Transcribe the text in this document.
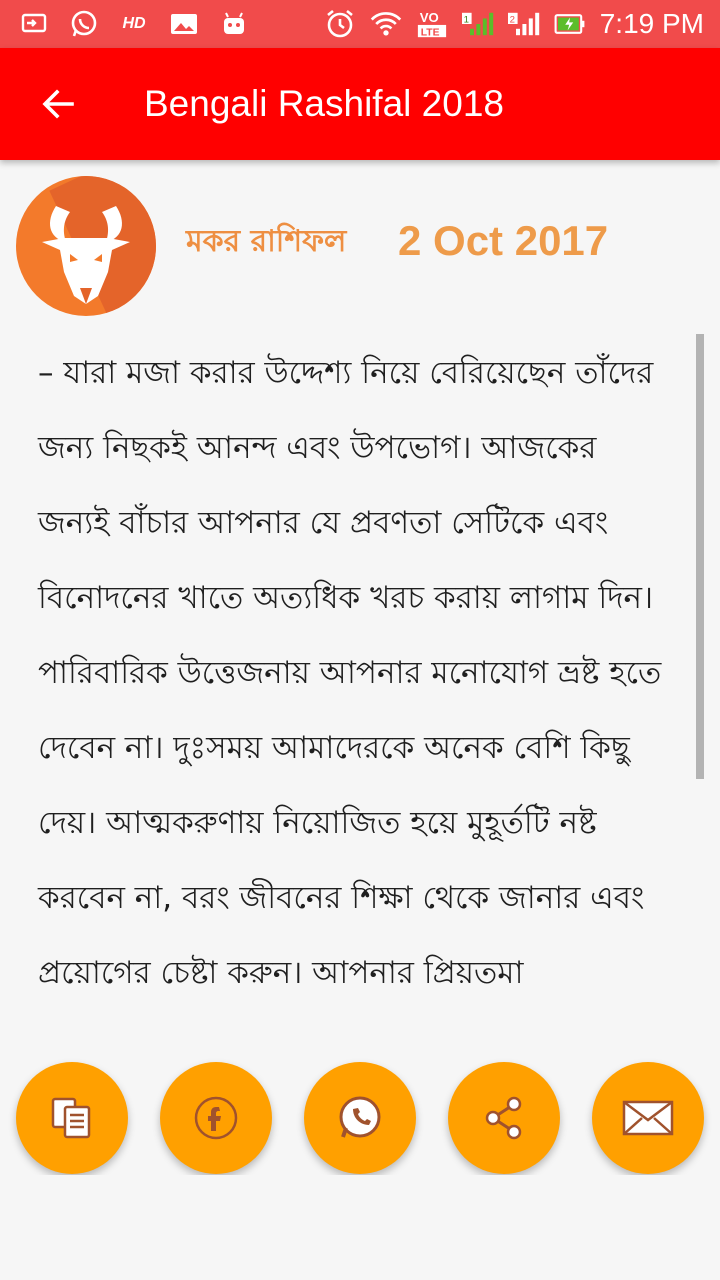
HD	VO
LTE
1	2	7:19 PM
Bengali Rashifal 2018
মকর রাশিফল 2 Oct 2017

– যারা মজা করার উদ্দেশ্য নিয়ে বেরিয়েছেন তাঁদের জন্য নিছকই আনন্দ এবং উপভোগ। আজকের জন্যই বাঁচার আপনার যে প্রবণতা সেটিকে এবং বিনোদনের খাতে অত্যধিক খরচ করায় লাগাম দিন। পারিবারিক উত্তেজনায় আপনার মনোযোগ ভ্রষ্ট হতে দেবেন না। দুঃসময় আমাদেরকে অনেক বেশি কিছু দেয়। আত্মকরুণায় নিয়োজিত হয়ে মুহূর্তটি নষ্ট করবেন না, বরং জীবনের শিক্ষা থেকে জানার এবং প্রয়োগের চেষ্টা করুন। আপনার প্রিয়তমা
